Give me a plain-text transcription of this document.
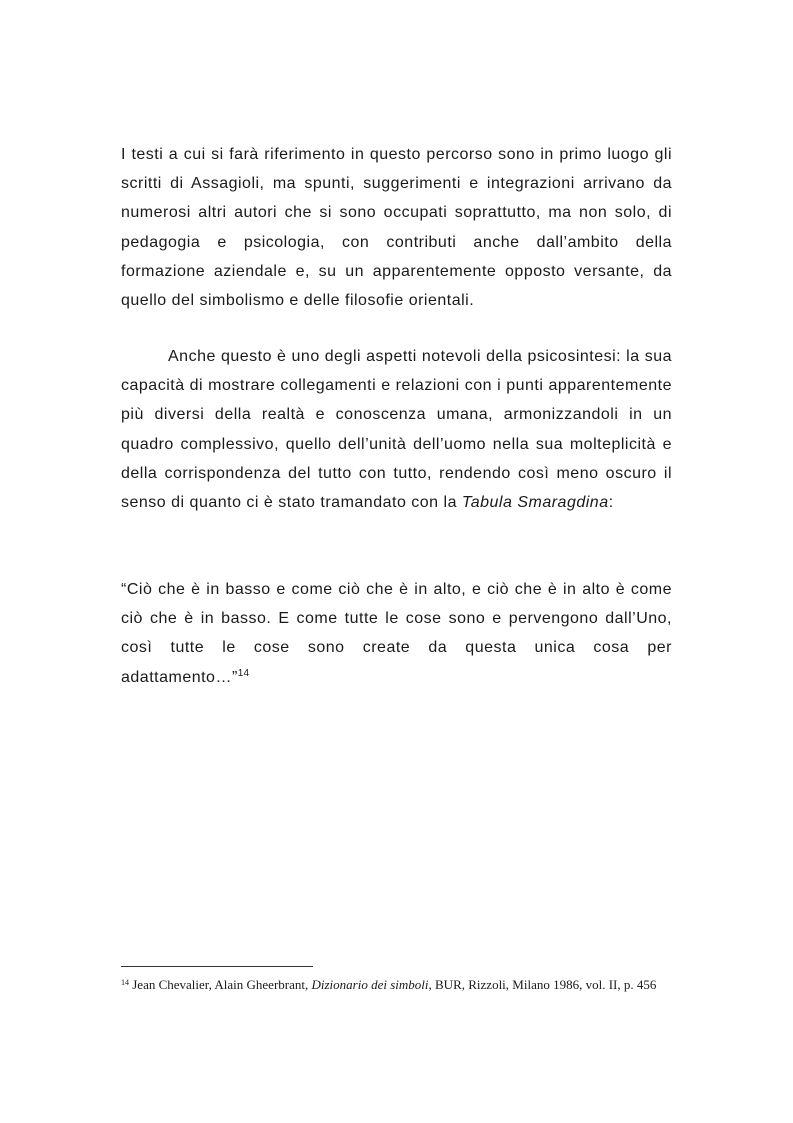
I testi a cui si farà riferimento in questo percorso sono in primo luogo gli scritti di Assagioli, ma spunti, suggerimenti e integrazioni arrivano da numerosi altri autori che si sono occupati soprattutto, ma non solo, di pedagogia e psicologia, con contributi anche dall’ambito della formazione aziendale e, su un apparentemente opposto versante, da quello del simbolismo e delle filosofie orientali.

Anche questo è uno degli aspetti notevoli della psicosintesi: la sua capacità di mostrare collegamenti e relazioni con i punti apparentemente più diversi della realtà e conoscenza umana, armonizzandoli in un quadro complessivo, quello dell’unità dell’uomo nella sua molteplicità e della corrispondenza del tutto con tutto, rendendo così meno oscuro il senso di quanto ci è stato tramandato con la Tabula Smaragdina:

“Ciò che è in basso e come ciò che è in alto, e ciò che è in alto è come ciò che è in basso. E come tutte le cose sono e pervengono dall’Uno, così tutte le cose sono create da questa unica cosa per adattamento…”$^{14}$

$^{14}$ Jean Chevalier, Alain Gheerbrant, Dizionario dei simboli, BUR, Rizzoli, Milano 1986, vol. II, p. 456
